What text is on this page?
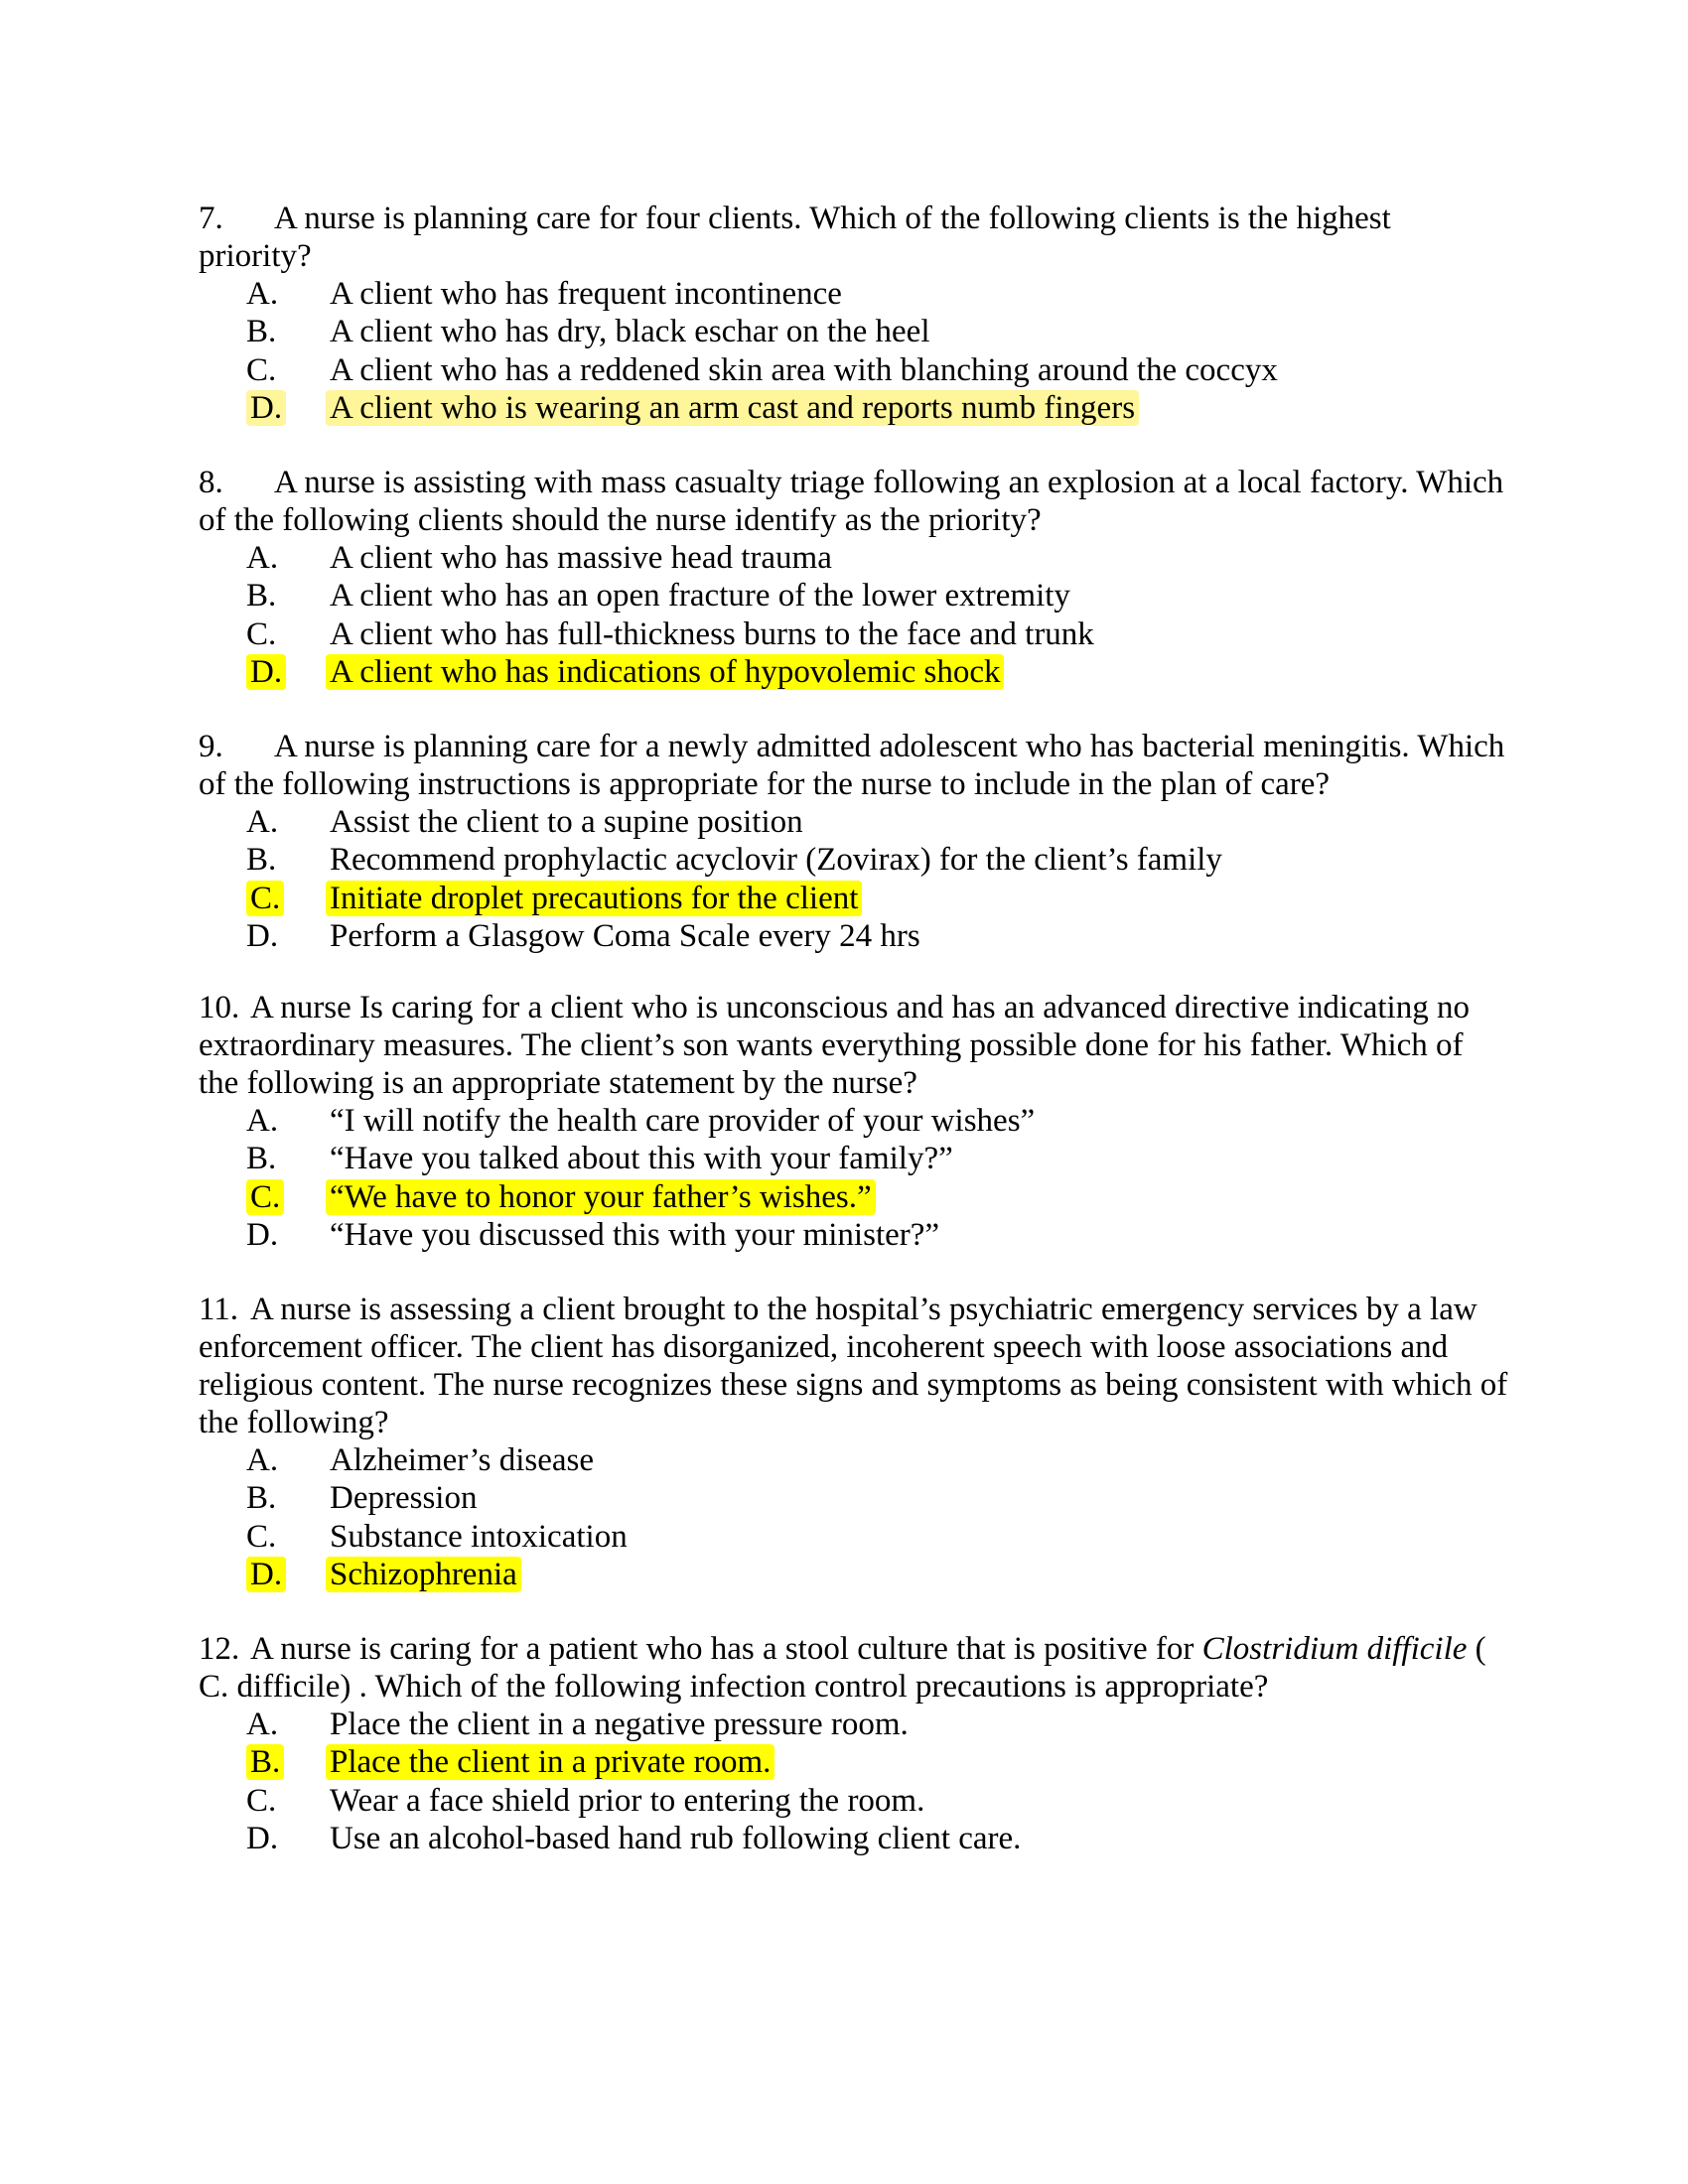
7. A nurse is planning care for four clients. Which of the following clients is the highest priority?

A.	A client who has frequent incontinence
B.	A client who has dry, black eschar on the heel
C.	A client who has a reddened skin area with blanching around the coccyx
D.	A client who is wearing an arm cast and reports numb fingers

8. A nurse is assisting with mass casualty triage following an explosion at a local factory. Which of the following clients should the nurse identify as the priority?

A.	A client who has massive head trauma
B.	A client who has an open fracture of the lower extremity
C.	A client who has full-thickness burns to the face and trunk
D.	A client who has indications of hypovolemic shock

9. A nurse is planning care for a newly admitted adolescent who has bacterial meningitis. Which of the following instructions is appropriate for the nurse to include in the plan of care?

A.	Assist the client to a supine position
B.	Recommend prophylactic acyclovir (Zovirax) for the client’s family
C.	Initiate droplet precautions for the client
D.	Perform a Glasgow Coma Scale every 24 hrs

10. A nurse Is caring for a client who is unconscious and has an advanced directive indicating no extraordinary measures. The client’s son wants everything possible done for his father. Which of the following is an appropriate statement by the nurse?

A.	“I will notify the health care provider of your wishes”
B.	“Have you talked about this with your family?”
C.	“We have to honor your father’s wishes.”
D.	“Have you discussed this with your minister?”

11. A nurse is assessing a client brought to the hospital’s psychiatric emergency services by a law enforcement officer. The client has disorganized, incoherent speech with loose associations and religious content. The nurse recognizes these signs and symptoms as being consistent with which of the following?

A.	Alzheimer’s disease
B.	Depression
C.	Substance intoxication
D.	Schizophrenia

12. A nurse is caring for a patient who has a stool culture that is positive for Clostridium difficile ( C. difficile) . Which of the following infection control precautions is appropriate?

A.	Place the client in a negative pressure room.
B.	Place the client in a private room.
C.	Wear a face shield prior to entering the room.
D.	Use an alcohol-based hand rub following client care.
